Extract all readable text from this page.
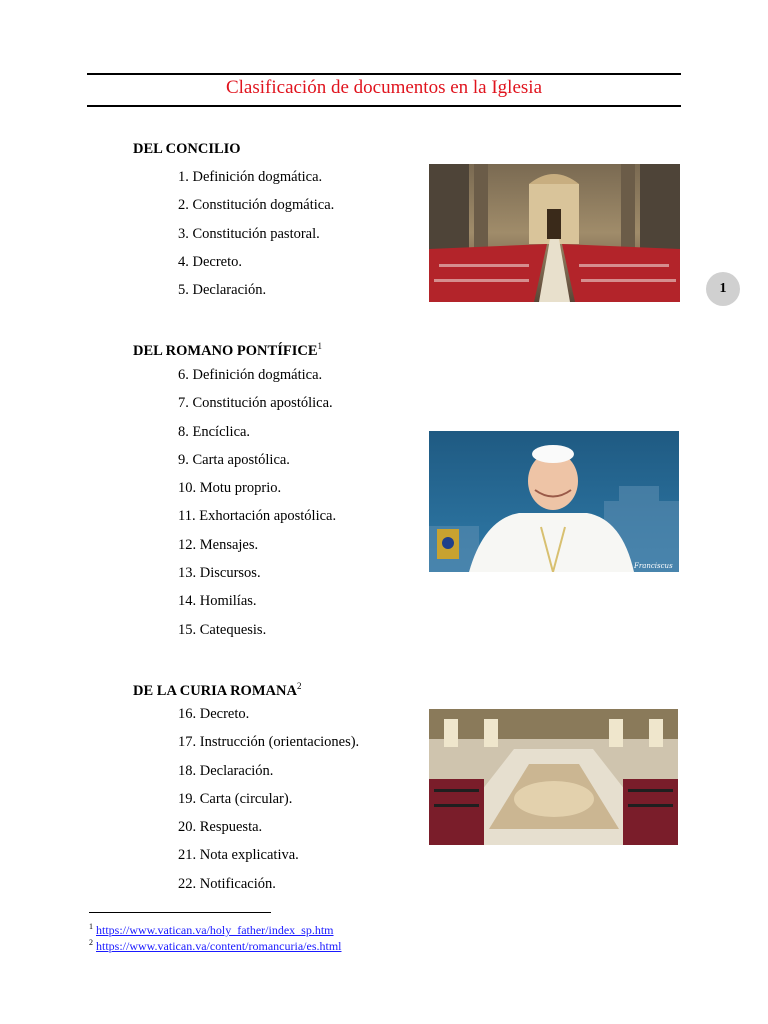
Clasificación de documentos en la Iglesia
DEL CONCILIO
1. Definición dogmática.
2. Constitución dogmática.
3. Constitución pastoral.
4. Decreto.
5. Declaración.
DEL ROMANO PONTÍFICE$^1$
6. Definición dogmática.
7. Constitución apostólica.
8. Encíclica.
9. Carta apostólica.
10. Motu proprio.
11. Exhortación apostólica.
12. Mensajes.
13. Discursos.
14. Homilías.
15. Catequesis.
DE LA CURIA ROMANA$^2$
16. Decreto.
17. Instrucción (orientaciones).
18. Declaración.
19. Carta (circular).
20. Respuesta.
21. Nota explicativa.
22. Notificación.
Franciscus
1
$^1$ https://www.vatican.va/holy_father/index_sp.htm
$^2$ https://www.vatican.va/content/romancuria/es.html
